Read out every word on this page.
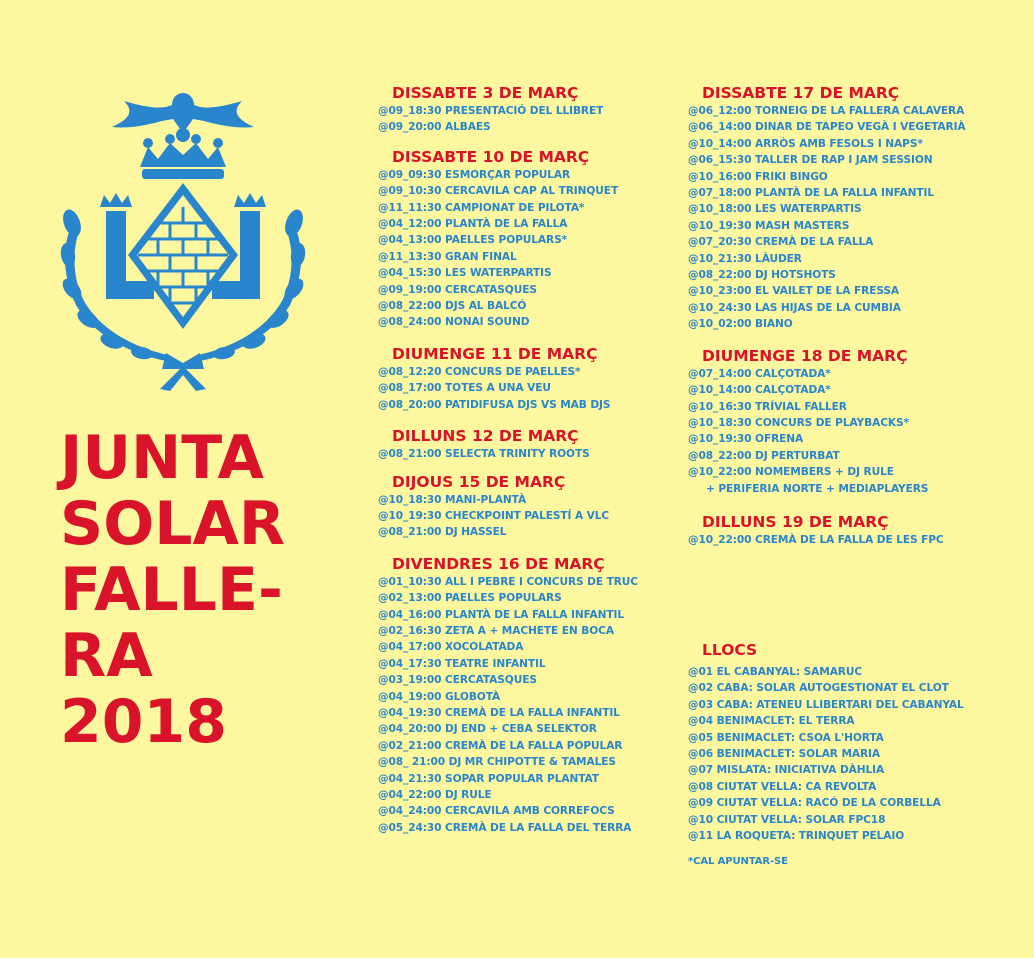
JUNTA
SOLAR
FALLE-
RA
2018
DISSABTE 3 DE MARÇ
@09_18:30 PRESENTACIÓ DEL LLIBRET
@09_20:00 ALBAES
DISSABTE 10 DE MARÇ
@09_09:30 ESMORÇAR POPULAR
@09_10:30 CERCAVILA CAP AL TRINQUET
@11_11:30 CAMPIONAT DE PILOTA*
@04_12:00 PLANTÀ DE LA FALLA
@04_13:00 PAELLES POPULARS*
@11_13:30 GRAN FINAL
@04_15:30 LES WATERPARTIS
@09_19:00 CERCATASQUES
@08_22:00 DJS AL BALCÓ
@08_24:00 NONAI SOUND
DIUMENGE 11 DE MARÇ
@08_12:20 CONCURS DE PAELLES*
@08_17:00 TOTES A UNA VEU
@08_20:00 PATIDIFUSA DJS VS MAB DJS
DILLUNS 12 DE MARÇ
@08_21:00 SELECTA TRINITY ROOTS
DIJOUS 15 DE MARÇ
@10_18:30 MANI-PLANTÀ
@10_19:30 CHECKPOINT PALESTÍ A VLC
@08_21:00 DJ HASSEL
DIVENDRES 16 DE MARÇ
@01_10:30 ALL I PEBRE I CONCURS DE TRUC
@02_13:00 PAELLES POPULARS
@04_16:00 PLANTÀ DE LA FALLA INFANTIL
@02_16:30 ZETA A + MACHETE EN BOCA
@04_17:00 XOCOLATADA
@04_17:30 TEATRE INFANTIL
@03_19:00 CERCATASQUES
@04_19:00 GLOBOTÀ
@04_19:30 CREMÀ DE LA FALLA INFANTIL
@04_20:00 DJ END + CEBA SELEKTOR
@02_21:00 CREMÀ DE LA FALLA POPULAR
@08_ 21:00 DJ MR CHIPOTTE & TAMALES
@04_21:30 SOPAR POPULAR PLANTAT
@04_22:00 DJ RULE
@04_24:00 CERCAVILA AMB CORREFOCS
@05_24:30 CREMÀ DE LA FALLA DEL TERRA
DISSABTE 17 DE MARÇ
@06_12:00 TORNEIG DE LA FALLERA CALAVERA
@06_14:00 DINAR DE TAPEO VEGÀ I VEGETARIÀ
@10_14:00 ARRÒS AMB FESOLS I NAPS*
@06_15:30 TALLER DE RAP I JAM SESSION
@10_16:00 FRIKI BINGO
@07_18:00 PLANTÀ DE LA FALLA INFANTIL
@10_18:00 LES WATERPARTIS
@10_19:30 MASH MASTERS
@07_20:30 CREMÀ DE LA FALLA
@10_21:30 LÀUDER
@08_22:00 DJ HOTSHOTS
@10_23:00 EL VAILET DE LA FRESSA
@10_24:30 LAS HIJAS DE LA CUMBIA
@10_02:00 BIANO
DIUMENGE 18 DE MARÇ
@07_14:00 CALÇOTADA*
@10_14:00 CALÇOTADA*
@10_16:30 TRÍVIAL FALLER
@10_18:30 CONCURS DE PLAYBACKS*
@10_19:30 OFRENA
@08_22:00 DJ PERTURBAT
@10_22:00 NOMEMBERS + DJ RULE
+ PERIFERIA NORTE + MEDIAPLAYERS
DILLUNS 19 DE MARÇ
@10_22:00 CREMÀ DE LA FALLA DE LES FPC
LLOCS
@01 EL CABANYAL: SAMARUC
@02 CABA: SOLAR AUTOGESTIONAT EL CLOT
@03 CABA: ATENEU LLIBERTARI DEL CABANYAL
@04 BENIMACLET: EL TERRA
@05 BENIMACLET: CSOA L'HORTA
@06 BENIMACLET: SOLAR MARIA
@07 MISLATA: INICIATIVA DÀHLIA
@08 CIUTAT VELLA: CA REVOLTA
@09 CIUTAT VELLA: RACÓ DE LA CORBELLA
@10 CIUTAT VELLA: SOLAR FPC18
@11 LA ROQUETA: TRINQUET PELAIO
*CAL APUNTAR-SE
